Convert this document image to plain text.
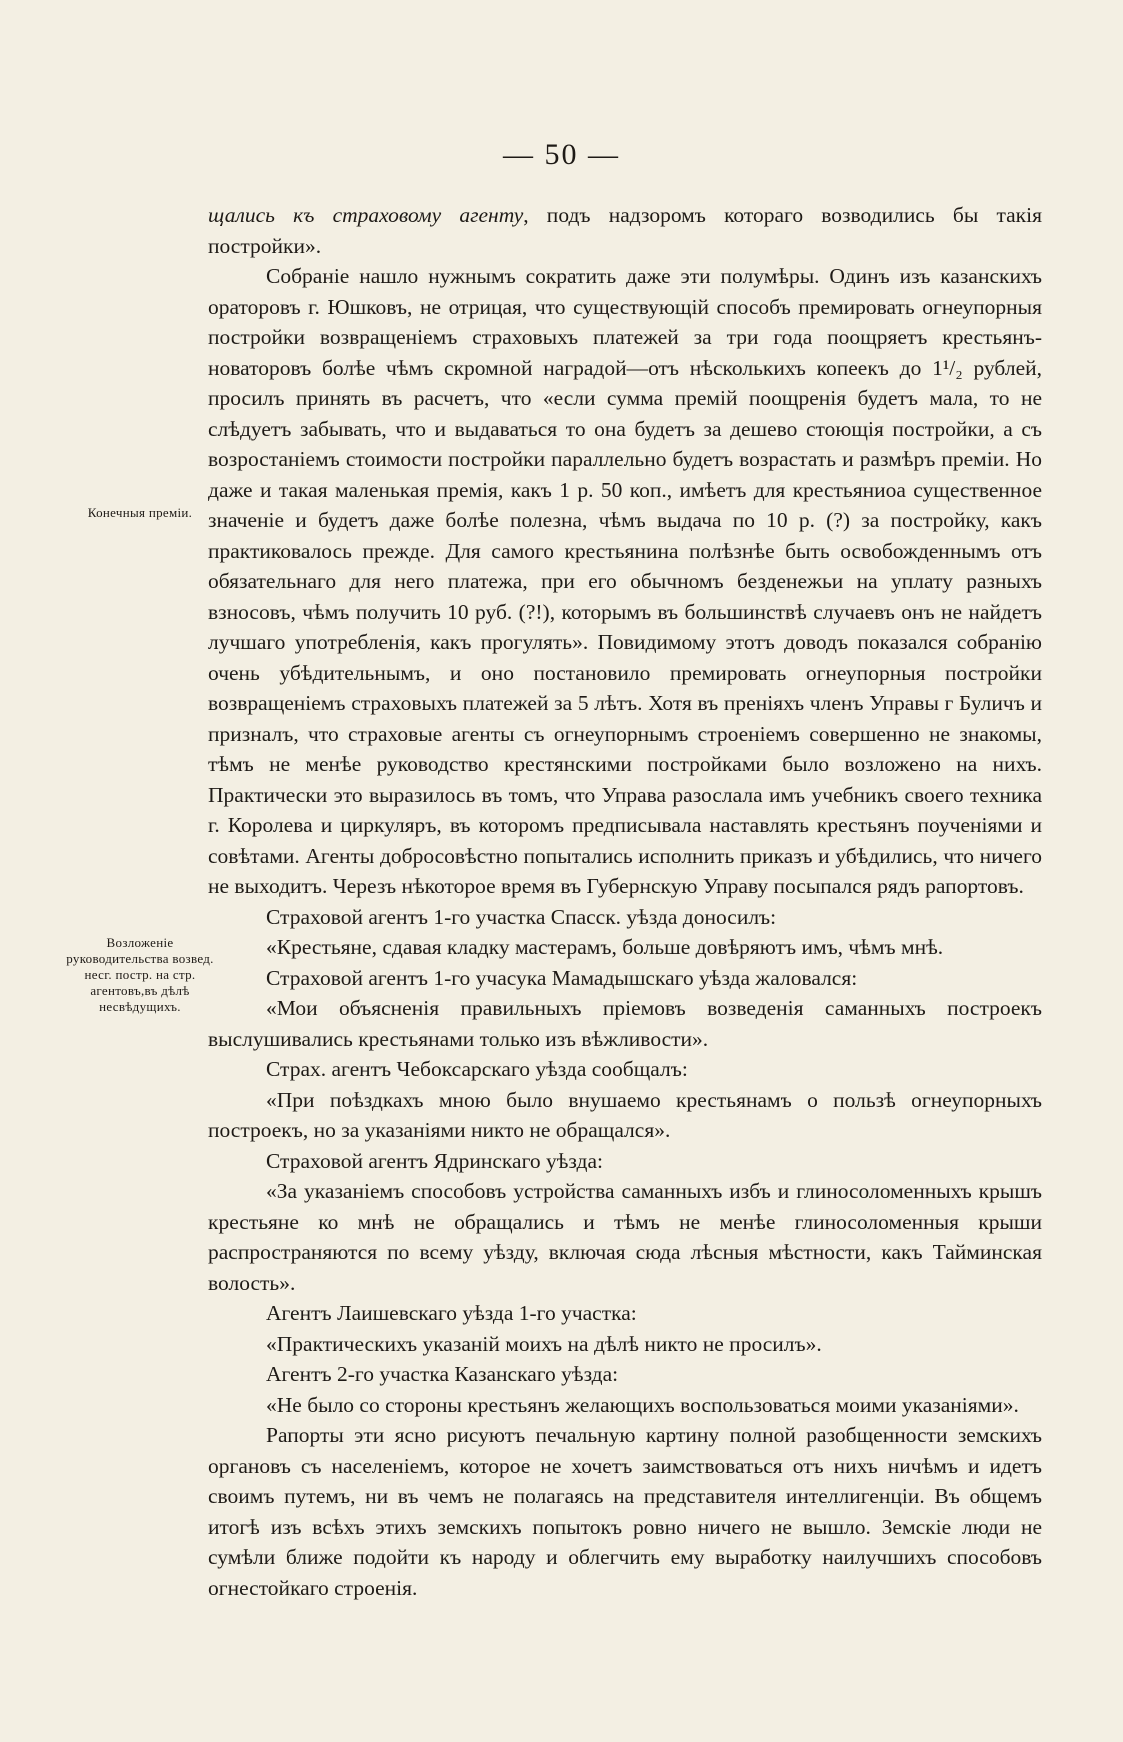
— 50 —
Конечныя премiи.
Возложенiе руководительства возвед. несг. постр. на стр. агентовъ,въ дѣлѣ несвѣдущихъ.

щались къ страховому агенту, подъ надзоромъ котораго возводились бы такiя постройки».

Собранiе нашло нужнымъ сократить даже эти полумѣры. Одинъ изъ казанскихъ ораторовъ г. Юшковъ, не отрицая, что существующiй способъ премировать огнеупорныя постройки возвращенiемъ страховыхъ платежей за три года поощряетъ крестьянъ-новаторовъ болѣе чѣмъ скромной наградой—отъ нѣсколькихъ копеекъ до 1¹/₂ рублей, просилъ принять въ расчетъ, что «если сумма премiй поощренiя будетъ мала, то не слѣдуетъ забывать, что и выдаваться то она будетъ за дешево стоющiя постройки, а съ возростанiемъ стоимости постройки параллельно будетъ возрастать и размѣръ премiи. Но даже и такая маленькая премiя, какъ 1 р. 50 коп., имѣетъ для крестьяниоа существенное значенiе и будетъ даже болѣе полезна, чѣмъ выдача по 10 р. (?) за постройку, какъ практиковалось прежде. Для самого крестьянина полѣзнѣе быть освобожденнымъ отъ обязательнаго для него платежа, при его обычномъ безденежьи на уплату разныхъ взносовъ, чѣмъ получить 10 руб. (?!), которымъ въ большинствѣ случаевъ онъ не найдетъ лучшаго употребленiя, какъ прогулять». Повидимому этотъ доводъ показался собранiю очень убѣдительнымъ, и оно постановило премировать огнеупорныя постройки возвращенiемъ страховыхъ платежей за 5 лѣтъ. Хотя въ пренiяхъ членъ Управы г Буличъ и призналъ, что страховые агенты съ огнеупорнымъ строенiемъ совершенно не знакомы, тѣмъ не менѣе руководство крестянскими постройками было возложено на нихъ. Практически это выразилось въ томъ, что Управа разослала имъ учебникъ своего техника г. Королева и циркуляръ, въ которомъ предписывала наставлять крестьянъ поученiями и совѣтами. Агенты добросовѣстно попытались исполнить приказъ и убѣдились, что ничего не выходитъ. Черезъ нѣкоторое время въ Губернскую Управу посыпался рядъ рапортовъ.

Страховой агентъ 1-го участка Спасск. уѣзда доносилъ:

«Крестьяне, сдавая кладку мастерамъ, больше довѣряютъ имъ, чѣмъ мнѣ.

Страховой агентъ 1-го учасука Мамадышскаго уѣзда жаловался:

«Мои объясненiя правильныхъ прiемовъ возведенiя саманныхъ построекъ выслушивались крестьянами только изъ вѣжливости».

Страх. агентъ Чебоксарскаго уѣзда сообщалъ:

«При поѣздкахъ мною было внушаемо крестьянамъ о пользѣ огнеупорныхъ построекъ, но за указанiями никто не обращался».

Страховой агентъ Ядринскаго уѣзда:

«За указанiемъ способовъ устройства саманныхъ избъ и глиносоломенныхъ крышъ крестьяне ко мнѣ не обращались и тѣмъ не менѣе глиносоломенныя крыши распространяются по всему уѣзду, включая сюда лѣсныя мѣстности, какъ Тайминская волость».

Агентъ Лаишевскаго уѣзда 1-го участка:

«Практическихъ указанiй моихъ на дѣлѣ никто не просилъ».

Агентъ 2-го участка Казанскаго уѣзда:

«Не было со стороны крестьянъ желающихъ воспользоваться моими указанiями».

Рапорты эти ясно рисуютъ печальную картину полной разобщенности земскихъ органовъ съ населенiемъ, которое не хочетъ заимствоваться отъ нихъ ничѣмъ и идетъ своимъ путемъ, ни въ чемъ не полагаясь на представителя интеллигенцiи. Въ общемъ итогѣ изъ всѣхъ этихъ земскихъ попытокъ ровно ничего не вышло. Земскiе люди не сумѣли ближе подойти къ народу и облегчить ему выработку наилучшихъ способовъ огнестойкаго строенiя.
